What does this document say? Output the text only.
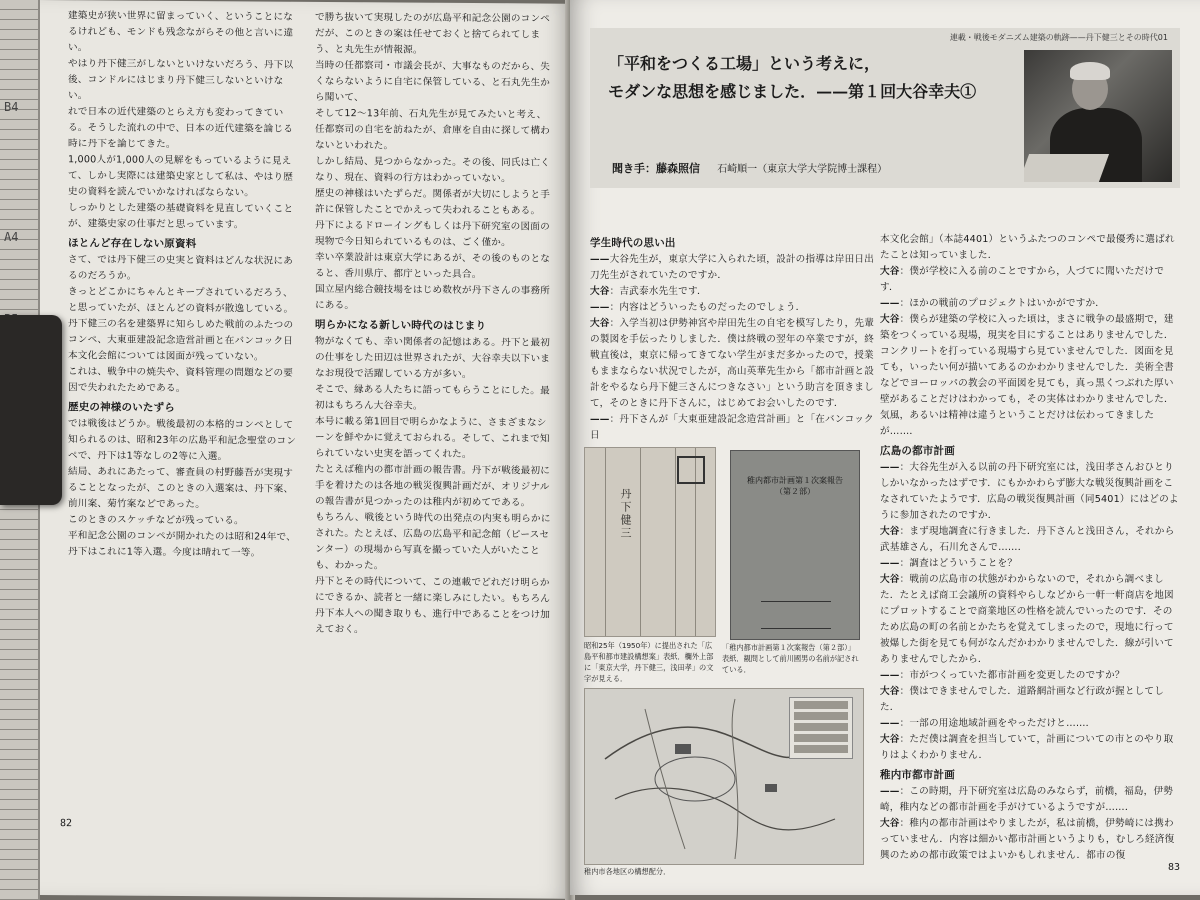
B4
A4

建築史が狭い世界に留まっていく、ということになるけれども、モンドも残念ながらその他と言いに違い。
やはり丹下健三がしないといけないだろう、丹下以後、コンドルにはじまり丹下健三しないといけない。
れで日本の近代建築のとらえ方も変わってきている。そうした流れの中で、日本の近代建築を論じる時に丹下を論じてきた。
1,000人が1,000人の見解をもっているように見えて、しかし実際には建築史家として私は、やはり歴史の資料を読んでいかなければならない。
しっかりとした建築の基礎資料を見直していくことが、建築史家の仕事だと思っています。

ほとんど存在しない原資料

さて、では丹下健三の史実と資料はどんな状況にあるのだろうか。
きっとどこかにちゃんとキープされているだろう、と思っていたが、ほとんどの資料が散逸している。
丹下健三の名を建築界に知らしめた戦前のふたつのコンペ、大東亜建設記念造営計画と在バンコック日本文化会館については図面が残っていない。
これは、戦争中の焼失や、資料管理の問題などの要因で失われたためである。

歴史の神様のいたずら

では戦後はどうか。戦後最初の本格的コンペとして知られるのは、昭和23年の広島平和記念聖堂のコンペで、丹下は1等なしの2等に入選。
結局、あれにあたって、審査員の村野藤吾が実現することとなったが、このときの入選案は、丹下案、前川案、菊竹案などであった。
このときのスケッチなどが残っている。
平和記念公園のコンペが開かれたのは昭和24年で、丹下はこれに1等入選。今度は晴れて一等。

で勝ち抜いて実現したのが広島平和記念公園のコンペだが、このときの案は任せておくと捨てられてしまう、と丸先生が情報源。
当時の任都察司・市議会長が、大事なものだから、失くならないように自宅に保管している、と石丸先生から聞いて、
そして12〜13年前、石丸先生が見てみたいと考え、任都察司の自宅を訪ねたが、倉庫を自由に探して構わないといわれた。
しかし結局、見つからなかった。その後、同氏は亡くなり、現在、資料の行方はわかっていない。

歴史の神様はいたずらだ。関係者が大切にしようと手許に保管したことでかえって失われることもある。
丹下によるドローイングもしくは丹下研究室の図面の現物で今日知られているものは、ごく僅か。
幸い卒業設計は東京大学にあるが、その後のものとなると、香川県庁、都庁といった具合。
国立屋内総合競技場をはじめ数枚が丹下さんの事務所にある。

明らかになる新しい時代のはじまり

物がなくても、幸い関係者の記憶はある。丹下と最初の仕事をした田辺は世界されたが、大谷幸夫以下いまなお現役で活躍している方が多い。
そこで、縁ある人たちに語ってもらうことにした。最初はもちろん大谷幸夫。
本号に載る第1回目で明らかなように、さまざまなシーンを鮮やかに覚えておられる。そして、これまで知られていない史実を語ってくれた。
たとえば稚内の都市計画の報告書。丹下が戦後最初に手を着けたのは各地の戦災復興計画だが、オリジナルの報告書が見つかったのは稚内が初めてである。
もちろん、戦後という時代の出発点の内実も明らかにされた。たとえば、広島の広島平和記念館（ピースセンター）の現場から写真を撮っていた人がいたことも、わかった。
丹下とその時代について、この連載でどれだけ明らかにできるか、読者と一緒に楽しみにしたい。もちろん丹下本人への聞き取りも、進行中であることをつけ加えておく。

82
連載・戦後モダニズム建築の軌跡——丹下健三とその時代01
「平和をつくる工場」という考えに，
モダンな思想を感じました．——第１回大谷幸夫①
聞き手：藤森照信 石崎順一（東京大学大学院博士課程）

学生時代の思い出

——大谷先生が，東京大学に入られた頃，設計の指導は岸田日出刀先生がされていたのですか．

大谷：吉武泰水先生です．

——：内容はどういったものだったのでしょう．

大谷：入学当初は伊勢神宮や岸田先生の自宅を模写したり，先輩の製図を手伝ったりしました．僕は終戦の翌年の卒業ですが，終戦直後は，東京に帰ってきてない学生がまだ多かったので，授業もままならない状況でしたが，高山英華先生から「都市計画と設計をやるなら丹下健三さんにつきなさい」という助言を頂きまして，そのときに丹下さんに，はじめてお会いしたのです．

——：丹下さんが「大東亜建設記念造営計画」と「在バンコック日

丹下健三
昭和25年（1950年）に提出された「広島平和都市建設構想案」表紙．欄外上部に「東京大学，丹下健三，浅田孝」の文字が見える．
稚内都市計画第１次案報告（第２部）
「稚内都市計画第１次案報告（第２部）」表紙．観問として前川國男の名前が記されている．
稚内市各地区の構想配分．

本文化会館」（本誌4401）というふたつのコンペで最優秀に選ばれたことは知っていました．

大谷：僕が学校に入る前のことですから，人づてに聞いただけです．

——：ほかの戦前のプロジェクトはいかがですか．

大谷：僕らが建築の学校に入った頃は，まさに戦争の最盛期で，建築をつくっている現場，現実を目にすることはありませんでした．コンクリートを打っている現場すら見ていませんでした．図面を見ても，いったい何が描いてあるのかわかりませんでした．美術全書などでヨーロッパの教会の平面図を見ても，真っ黒くつぶれた厚い壁があることだけはわかっても，その実体はわかりませんでした．気風，あるいは精神は違うということだけは伝わってきましたが……．

広島の都市計画

——：大谷先生が入る以前の丹下研究室には，浅田孝さんおひとりしかいなかったはずです．にもかかわらず膨大な戦災復興計画をこなされていたようです．広島の戦災復興計画（同5401）にはどのように参加されたのですか．

大谷：まず現地調査に行きました．丹下さんと浅田さん，それから武基雄さん，石川允さんで……．

——：調査はどういうことを？

大谷：戦前の広島市の状態がわからないので，それから調べました．たとえば商工会議所の資料やらしなどから一軒一軒商店を地図にプロットすることで商業地区の性格を読んでいったのです．そのため広島の町の名前とかたちを覚えてしまったので，現地に行って被爆した街を見ても何がなんだかわかりませんでした．線が引いてありませんでしたから．

——：市がつくっていた都市計画を変更したのですか？

大谷：僕はできませんでした．道路網計画など行政が握としてした．

——：一部の用途地域計画をやっただけと……．

大谷：ただ僕は調査を担当していて，計画についての市とのやり取りはよくわかりません．

稚内市都市計画

——：この時期，丹下研究室は広島のみならず，前橋，福島，伊勢崎，稚内などの都市計画を手がけているようですが……．

大谷：稚内の都市計画はやりましたが，私は前橋，伊勢崎には携わっていません．内容は細かい都市計画というよりも，むしろ経済復興のための都市政策ではよいかもしれません．都市の復

83
